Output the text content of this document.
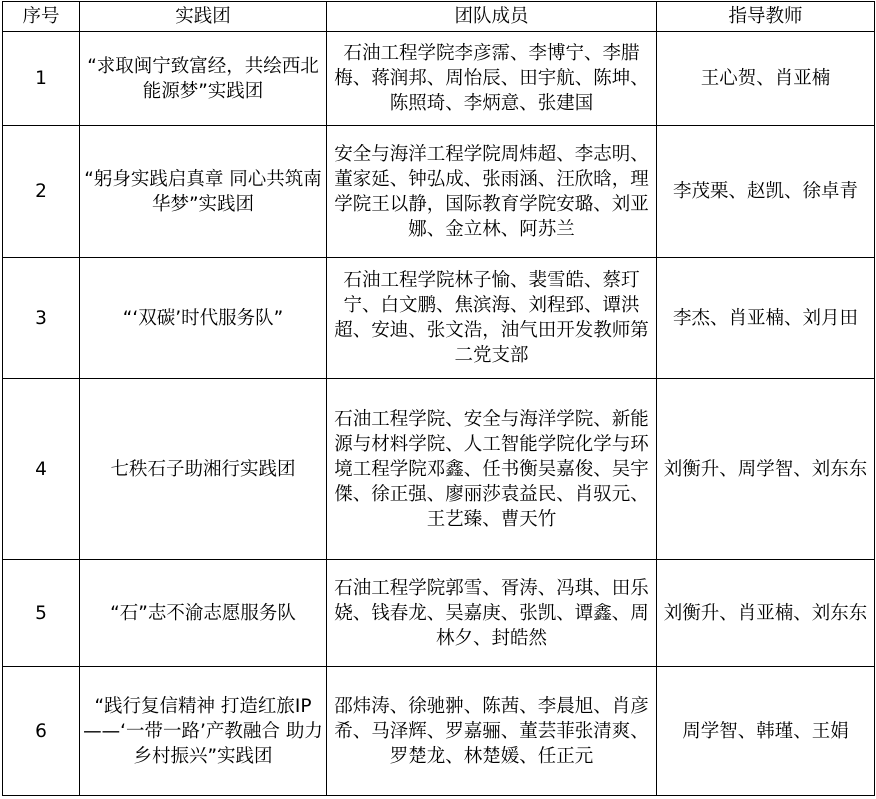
序号	实践团	团队成员	指导教师
1	“求取闽宁致富经，共绘西北能源梦”实践团	石油工程学院李彦霈、李博宁、李腊梅、蒋润邦、周怡辰、田宇航、陈坤、陈照琦、李炳意、张建国	王心贺、肖亚楠
2	“躬身实践启真章 同心共筑南华梦”实践团	安全与海洋工程学院周炜超、李志明、董家延、钟弘成、张雨涵、汪欣晗，理学院王以静，国际教育学院安璐、刘亚娜、金立林、阿苏兰	李茂栗、赵凯、徐卓青
3	“‘双碳’时代服务队”	石油工程学院林子愉、裴雪皓、蔡玎宁、白文鹏、焦滨海、刘程郅、谭洪超、安迪、张文浩，油气田开发教师第二党支部	李杰、肖亚楠、刘月田
4	七秩石子助湘行实践团	石油工程学院、安全与海洋学院、新能源与材料学院、人工智能学院化学与环境工程学院邓鑫、任书衡吴嘉俊、吴宇傑、徐正强、廖丽莎袁益民、肖驭元、王艺臻、曹天竹	刘衡升、周学智、刘东东
5	“石”志不渝志愿服务队	石油工程学院郭雪、胥涛、冯琪、田乐娆、钱春龙、吴嘉庚、张凯、谭鑫、周林夕、封皓然	刘衡升、肖亚楠、刘东东
6	“践行复信精神 打造红旅IP——‘一带一路’产教融合 助力乡村振兴”实践团	邵炜涛、徐驰翀、陈茜、李晨旭、肖彦希、马泽辉、罗嘉骊、董芸菲张清爽、罗楚龙、林楚媛、任正元	周学智、韩瑾、王娟
